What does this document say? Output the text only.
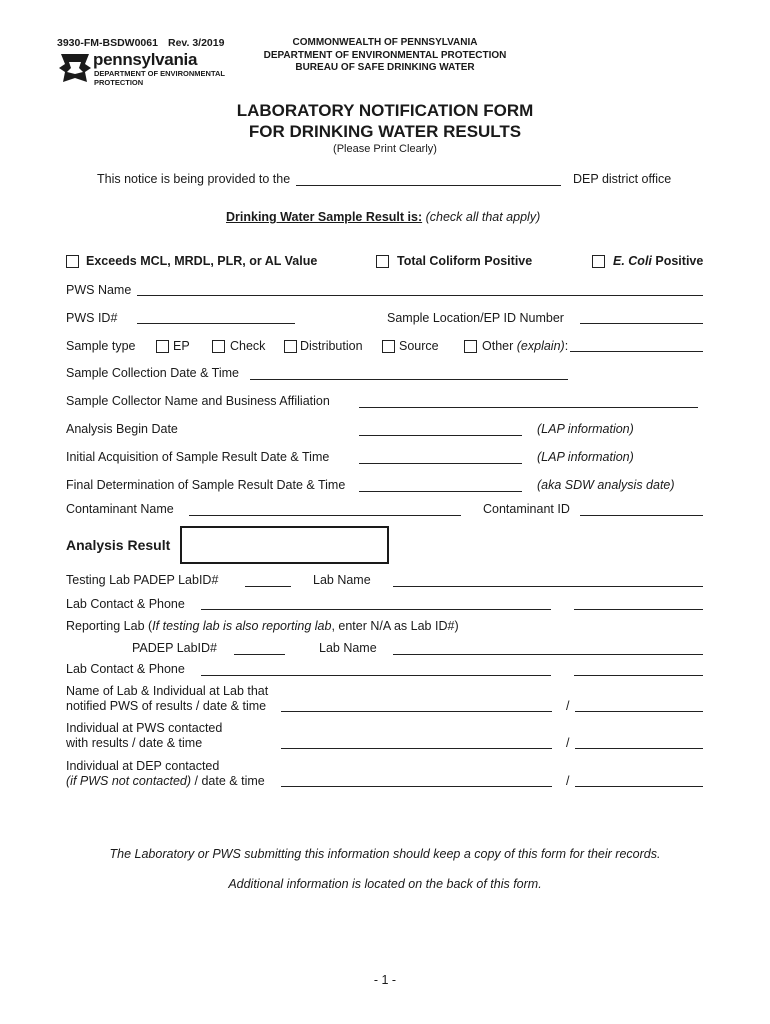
3930-FM-BSDW0061 Rev. 3/2019
pennsylvania
DEPARTMENT OF ENVIRONMENTAL
PROTECTION
COMMONWEALTH OF PENNSYLVANIA
DEPARTMENT OF ENVIRONMENTAL PROTECTION
BUREAU OF SAFE DRINKING WATER
LABORATORY NOTIFICATION FORM
FOR DRINKING WATER RESULTS
(Please Print Clearly)
This notice is being provided to the	DEP district office
Drinking Water Sample Result is: (check all that apply)
Exceeds MCL, MRDL, PLR, or AL Value	Total Coliform Positive	E. Coli Positive
PWS Name
PWS ID#	Sample Location/EP ID Number
Sample type	EP	Check	Distribution	Source	Other (explain):
Sample Collection Date & Time
Sample Collector Name and Business Affiliation
Analysis Begin Date	(LAP information)
Initial Acquisition of Sample Result Date & Time	(LAP information)
Final Determination of Sample Result Date & Time	(aka SDW analysis date)
Contaminant Name	Contaminant ID
Analysis Result
Testing Lab PADEP LabID#	Lab Name
Lab Contact & Phone
Reporting Lab (If testing lab is also reporting lab, enter N/A as Lab ID#)
PADEP LabID#	Lab Name
Lab Contact & Phone
Name of Lab & Individual at Lab that
notified PWS of results / date & time	/
Individual at PWS contacted
with results / date & time	/
Individual at DEP contacted
(if PWS not contacted) / date & time	/
The Laboratory or PWS submitting this information should keep a copy of this form for their records.
Additional information is located on the back of this form.
- 1 -
